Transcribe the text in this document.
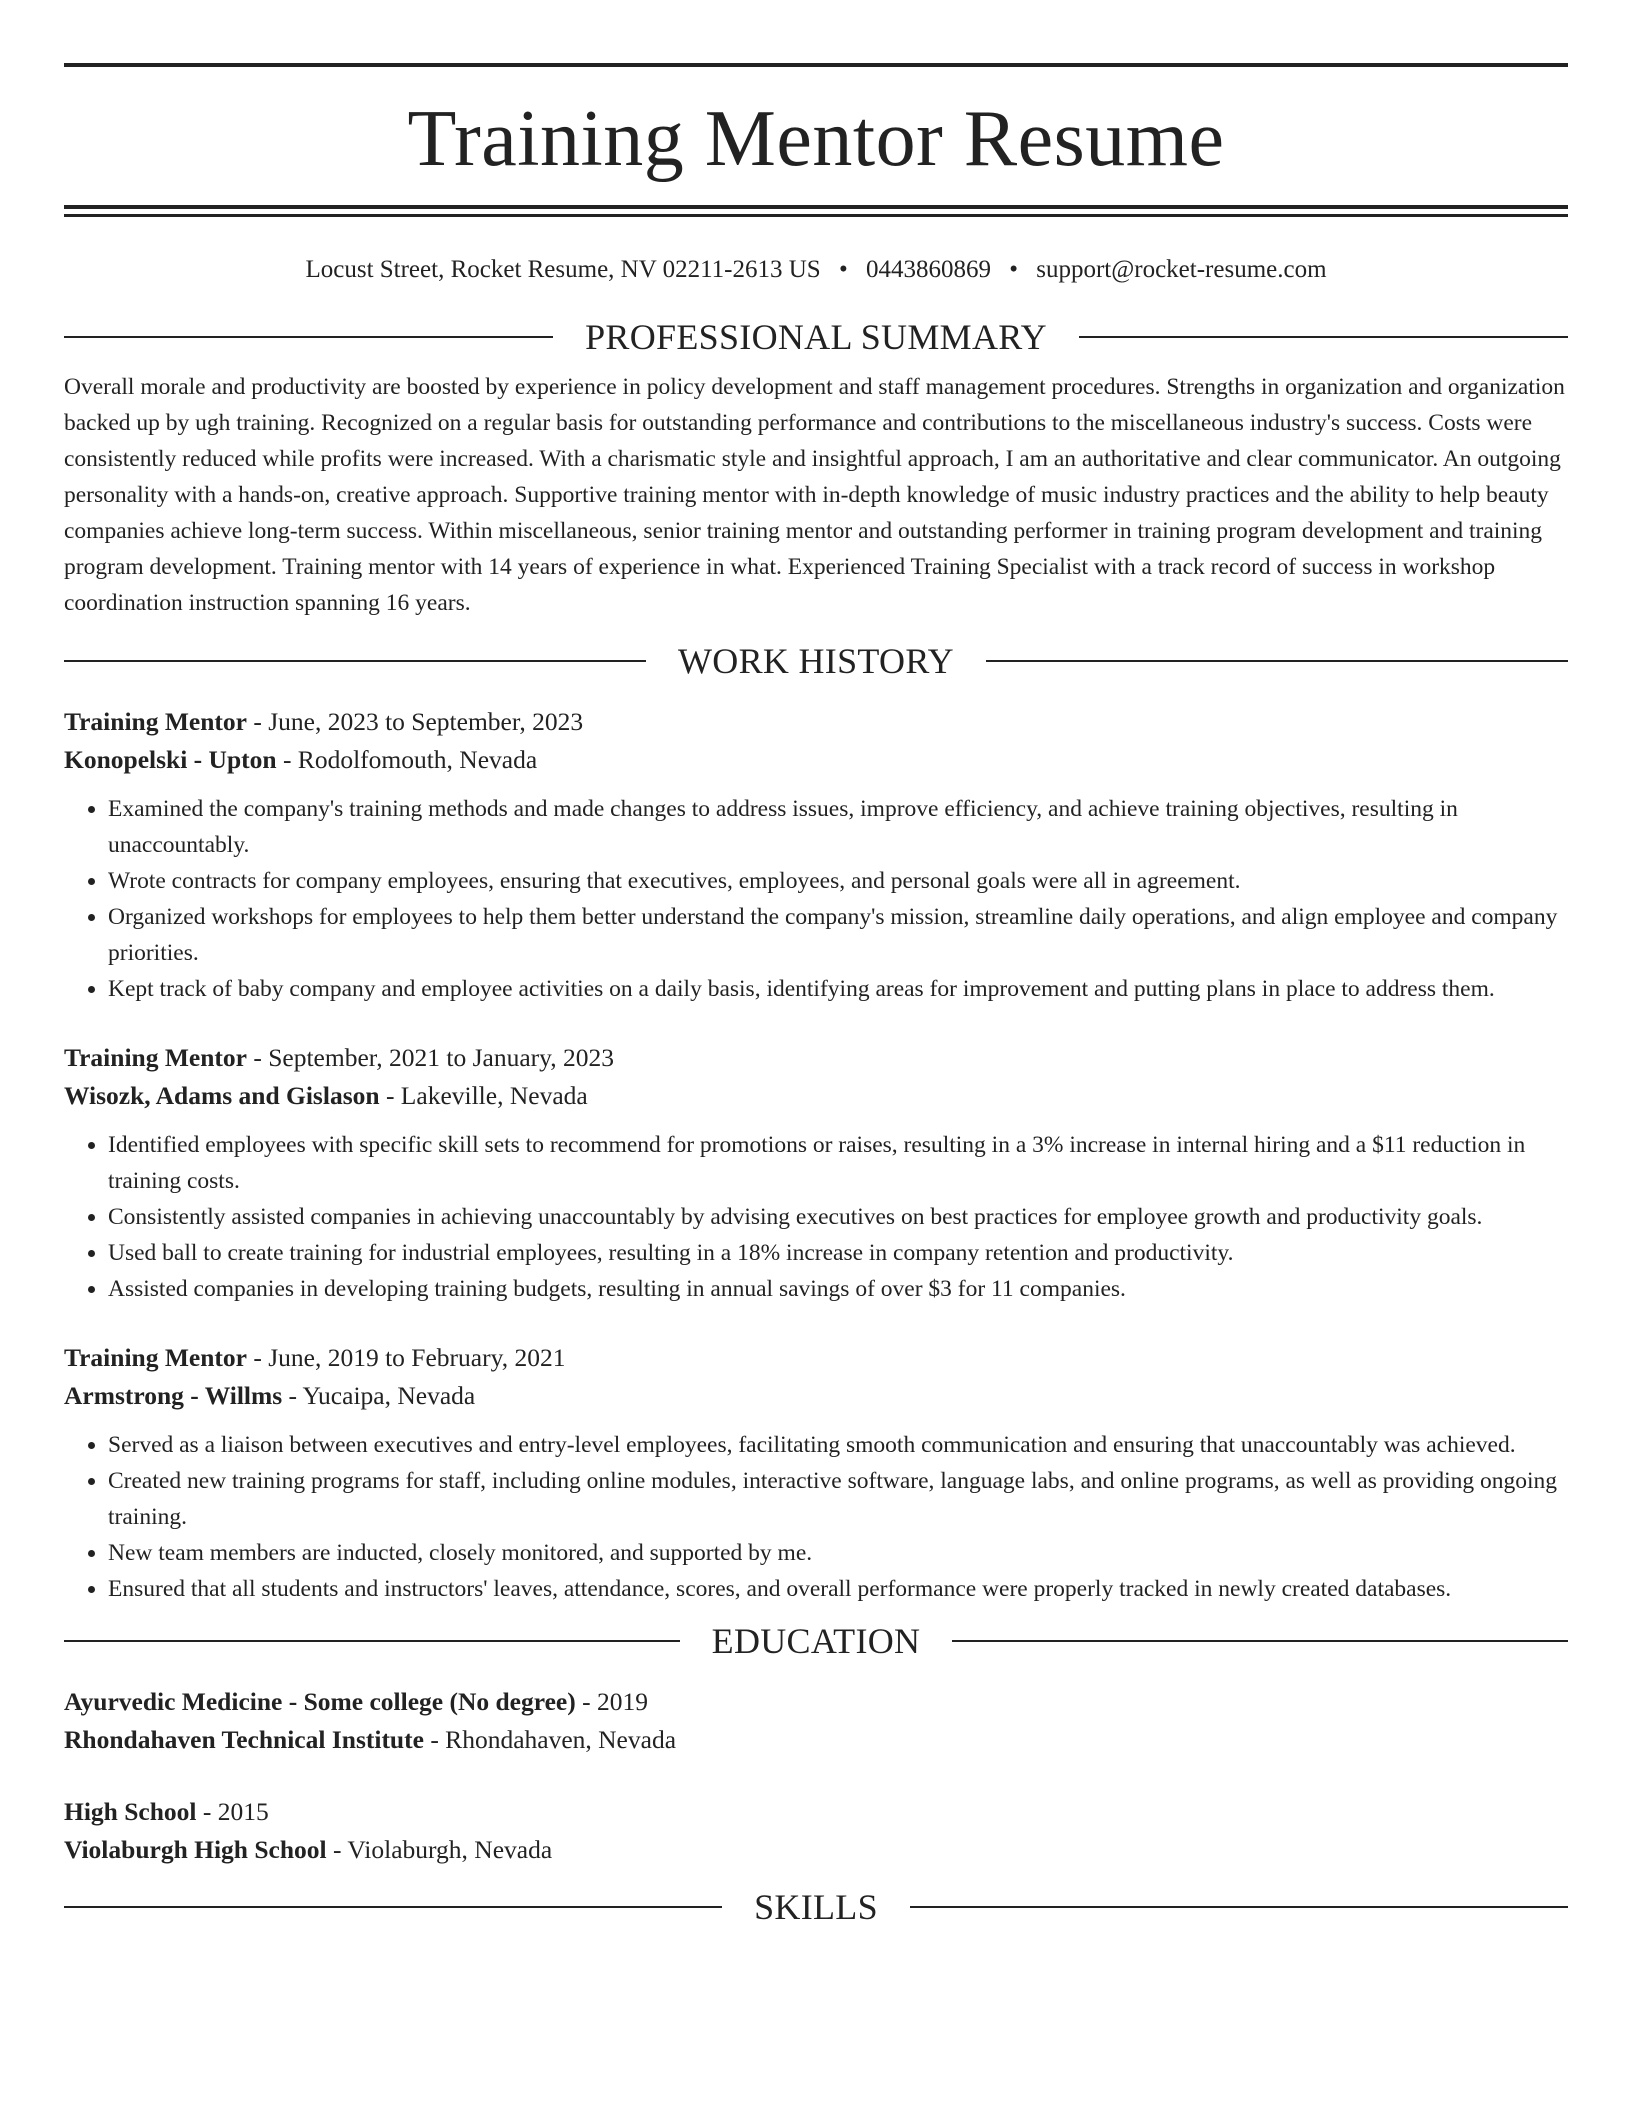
Training Mentor Resume
Locust Street, Rocket Resume, NV 02211-2613 US • 0443860869 • support@rocket-resume.com
PROFESSIONAL SUMMARY

Overall morale and productivity are boosted by experience in policy development and staff management procedures. Strengths in organization and organization backed up by ugh training. Recognized on a regular basis for outstanding performance and contributions to the miscellaneous industry's success. Costs were consistently reduced while profits were increased. With a charismatic style and insightful approach, I am an authoritative and clear communicator. An outgoing personality with a hands-on, creative approach. Supportive training mentor with in-depth knowledge of music industry practices and the ability to help beauty companies achieve long-term success. Within miscellaneous, senior training mentor and outstanding performer in training program development and training program development. Training mentor with 14 years of experience in what. Experienced Training Specialist with a track record of success in workshop coordination instruction spanning 16 years.

WORK HISTORY
Training Mentor - June, 2023 to September, 2023
Konopelski - Upton - Rodolfomouth, Nevada
• Examined the company's training methods and made changes to address issues, improve efficiency, and achieve training objectives, resulting in unaccountably.
• Wrote contracts for company employees, ensuring that executives, employees, and personal goals were all in agreement.
• Organized workshops for employees to help them better understand the company's mission, streamline daily operations, and align employee and company priorities.
• Kept track of baby company and employee activities on a daily basis, identifying areas for improvement and putting plans in place to address them.
Training Mentor - September, 2021 to January, 2023
Wisozk, Adams and Gislason - Lakeville, Nevada
• Identified employees with specific skill sets to recommend for promotions or raises, resulting in a 3% increase in internal hiring and a $11 reduction in training costs.
• Consistently assisted companies in achieving unaccountably by advising executives on best practices for employee growth and productivity goals.
• Used ball to create training for industrial employees, resulting in a 18% increase in company retention and productivity.
• Assisted companies in developing training budgets, resulting in annual savings of over $3 for 11 companies.
Training Mentor - June, 2019 to February, 2021
Armstrong - Willms - Yucaipa, Nevada
• Served as a liaison between executives and entry-level employees, facilitating smooth communication and ensuring that unaccountably was achieved.
• Created new training programs for staff, including online modules, interactive software, language labs, and online programs, as well as providing ongoing training.
• New team members are inducted, closely monitored, and supported by me.
• Ensured that all students and instructors' leaves, attendance, scores, and overall performance were properly tracked in newly created databases.
EDUCATION
Ayurvedic Medicine - Some college (No degree) - 2019
Rhondahaven Technical Institute - Rhondahaven, Nevada
High School - 2015
Violaburgh High School - Violaburgh, Nevada
SKILLS
